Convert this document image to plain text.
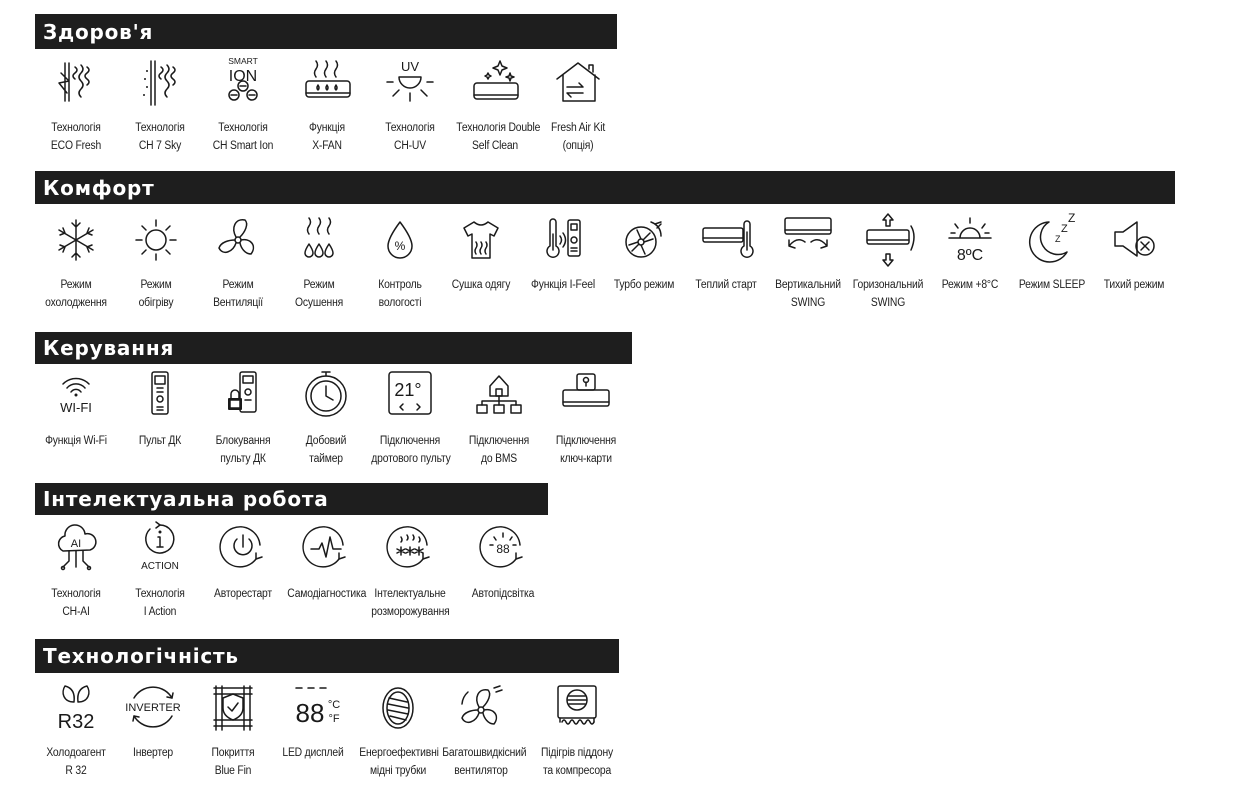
Здоров'я
Технологія
ECO Fresh
Технологія
CH 7 Sky
SMART
ION
Технологія
CH Smart Ion
Функція
X-FAN
UV
Технологія
CH-UV
Технологія Double
Self Clean
Fresh Air Kit
(опція)
Комфорт
Режим
охолодження
Режим
обігріву
Режим
Вентиляції
Режим
Осушення
%
Контроль
вологості
Сушка одягу	Функція I-Feel	Турбо режим	Теплий старт	Вертикальний
SWING
Горизональний
SWING
8ºC
Режим +8°С
Z
Z
Z
Режим SLEEP	Тихий режим
Керування
WI-FI
Функція Wi-Fi	Пульт ДК	Блокування
пульту ДК
Добовий
таймер
21°
Підключення
дротового пульту
Підключення
до BMS
Підключення
ключ-карти
Інтелектуальна робота
AI
Технологія
CH-AI
ACTION
Технологія
I Action
Авторестарт	Самодіагностика Інтелектуальне
розморожування
88
Автопідсвітка
Технологічність
R32
Холодоагент
R 32
INVERTER
Інвертер	Покриття
Blue Fin
88 °C
°F
LED дисплей	Енергоефективні
мідні трубки
Багатошвидкісний
вентилятор
Підігрів піддону
та компресора
